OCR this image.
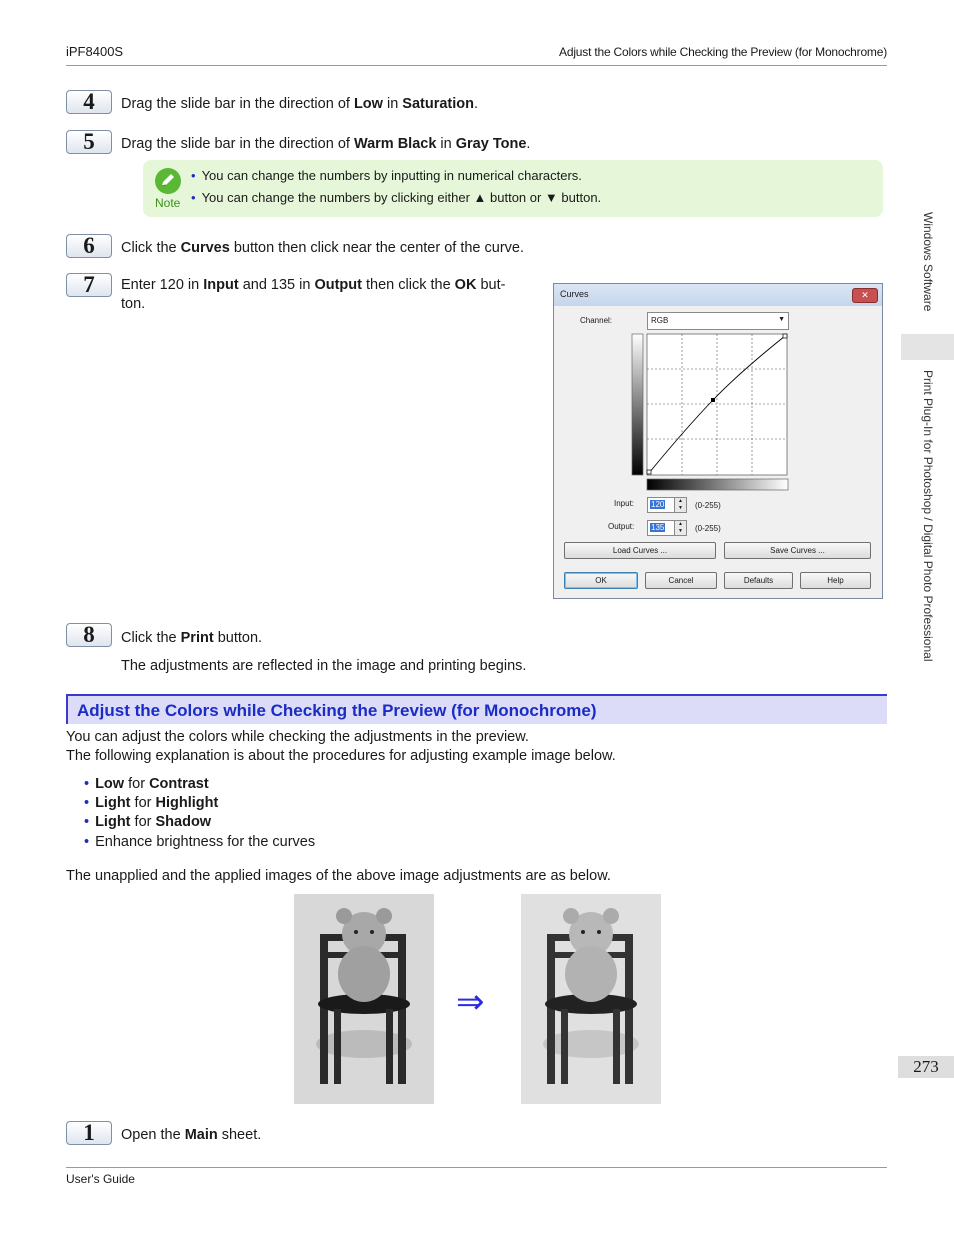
iPF8400S	Adjust the Colors while Checking the Preview (for Monochrome)
4	Drag the slide bar in the direction of Low in Saturation.
5	Drag the slide bar in the direction of Warm Black in Gray Tone.
Note
• You can change the numbers by inputting in numerical characters.
• You can change the numbers by clicking either ▲ button or ▼ button.
6	Click the Curves button then click near the center of the curve.
7	Enter 120 in Input and 135 in Output then click the OK but-
ton.
Curves	✕
Channel:	RGB	▼
Input: 120	▲
▼	(0-255)
Output: 135	▲
▼	(0-255)
Load Curves ...	Save Curves ...
OK	Cancel	Defaults	Help
8	Click the Print button.
The adjustments are reflected in the image and printing begins.
Adjust the Colors while Checking the Preview (for Monochrome)
You can adjust the colors while checking the adjustments in the preview.
The following explanation is about the procedures for adjusting example image below.
• Low for Contrast
• Light for Highlight
• Light for Shadow
• Enhance brightness for the curves
The unapplied and the applied images of the above image adjustments are as below.
⇒
1	Open the Main sheet.
Windows Software
Print Plug-In for Photoshop / Digital Photo Professional
273
User's Guide
